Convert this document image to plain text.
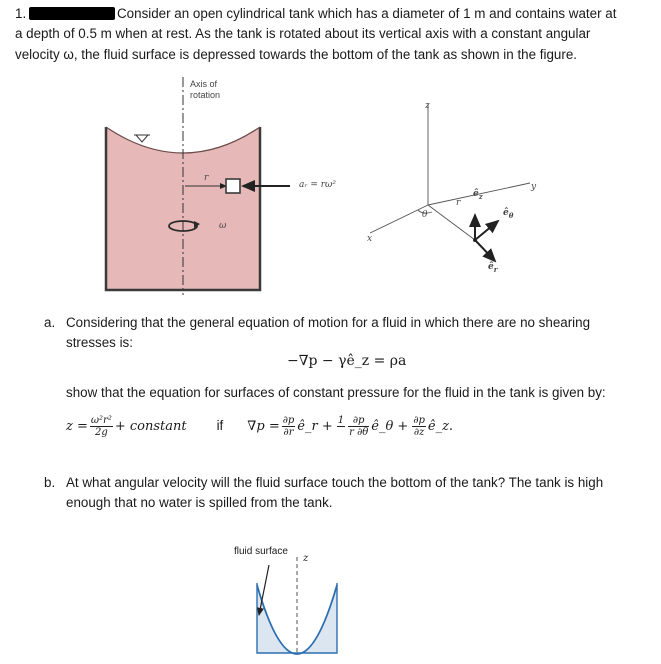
1.	Consider an open cylindrical tank which has a diameter of 1 m and contains water at
a depth of 0.5 m when at rest. As the tank is rotated about its vertical axis with a constant angular
velocity ω, the fluid surface is depressed towards the bottom of the tank as shown in the figure.
Axis of
rotation
r
ω
aᵣ = rω²
z
y
x
θ
r
$ê_z$
$ê_\theta$
$ê_r$
a. Considering that the general equation of motion for a fluid in which there are no shearing
stresses is:
−∇p − γê_z = ρa
show that the equation for surfaces of constant pressure for the fluid in the tank is given by:
$z = \frac{\text{ω²r²}}{2g}$ + constant if $\nabla p = \frac{\partial p}{\partial r}$ ê_r + 1
$\frac{\partial p}{r \partial\theta}$ ê_θ + $\frac{\partial p}{\partial z}$ ê_z.
b. At what angular velocity will the fluid surface touch the bottom of the tank? The tank is high
enough that no water is spilled from the tank.
fluid surface
z
